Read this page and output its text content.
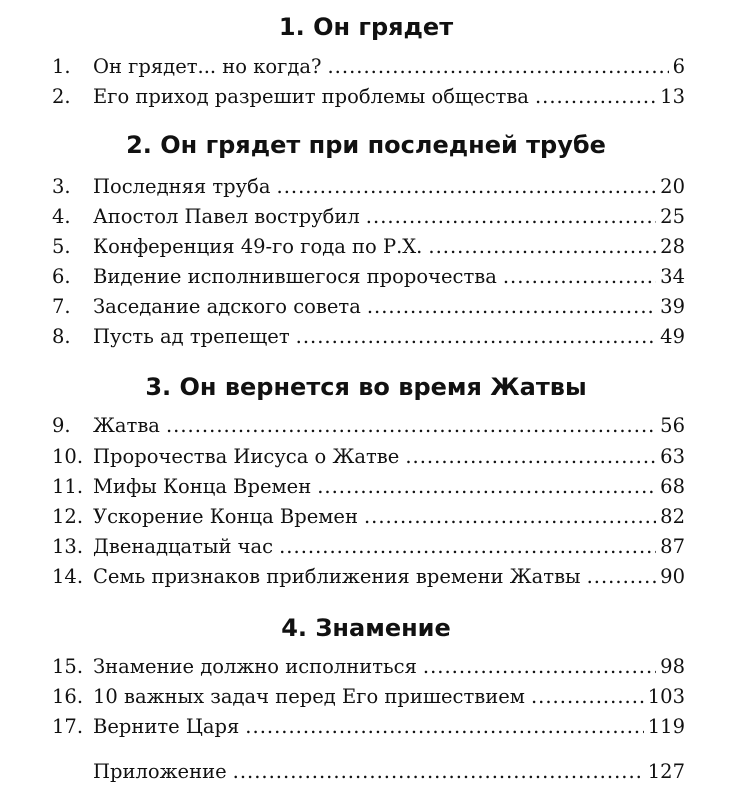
1. Он грядет
1. Он грядет... но когда? . . .	6
2. Его приход разрешит проблемы общества . . .	13
2. Он грядет при последней трубе
3. Последняя труба . . .	20
4. Апостол Павел вострубил . . .	25
5. Конференция 49-го года по Р.Х. . . .	28
6. Видение исполнившегося пророчества . . .	34
7. Заседание адского совета . . .	39
8. Пусть ад трепещет . . .	49
3. Он вернется во время Жатвы
9. Жатва . . .	56
10. Пророчества Иисуса о Жатве . . .	63
11. Мифы Конца Времен . . .	68
12. Ускорение Конца Времен . . .	82
13. Двенадцатый час . . .	87
14. Семь признаков приближения времени Жатвы . . .	90
4. Знамение
15. Знамение должно исполниться . . .	98
16. 10 важных задач перед Его пришествием . . .	103
17. Верните Царя . . .	119
Приложение . . .	127
